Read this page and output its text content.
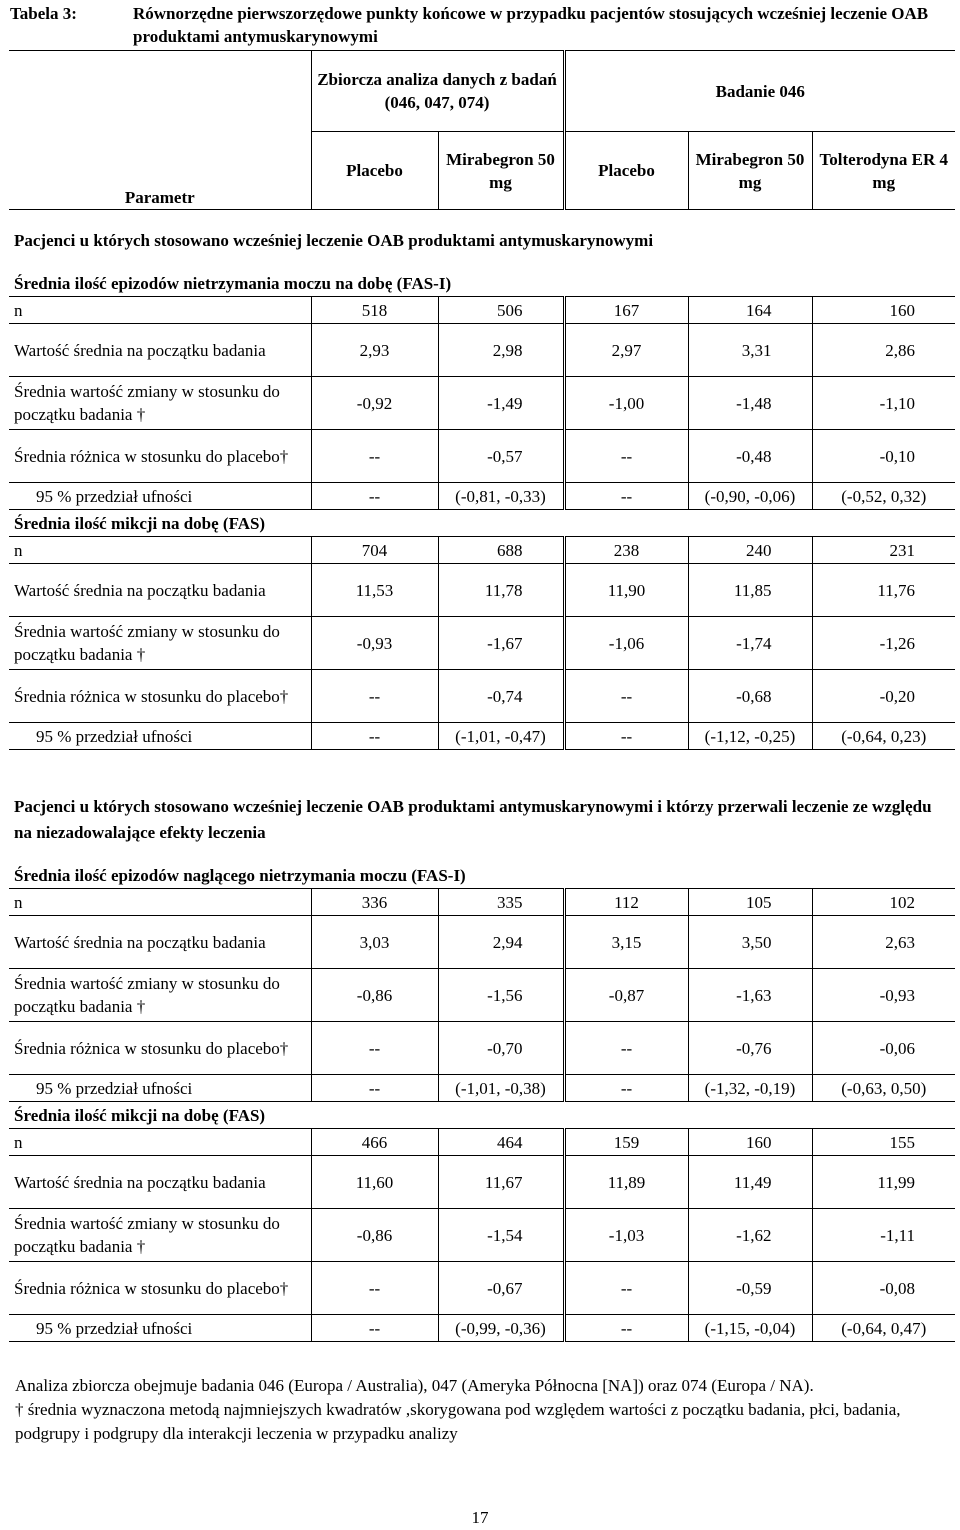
Tabela 3:	Równorzędne pierwszorzędowe punkty końcowe w przypadku pacjentów stosujących wcześniej leczenie OAB produktami antymuskarynowymi
Parametr	Zbiorcza analiza danych z badań (046, 047, 074)		Badanie 046		
	Placebo	Mirabegron 50 mg	Placebo	Mirabegron 50 mg	Tolterodyna ER 4 mg
Pacjenci u których stosowano wcześniej leczenie OAB produktami antymuskarynowymi					
Średnia ilość epizodów nietrzymania moczu na dobę (FAS-I)					
n	518	506	167	164	160
Wartość średnia na początku badania	2,93	2,98	2,97	3,31	2,86
Średnia wartość zmiany w stosunku do początku badania †	-0,92	-1,49	-1,00	-1,48	-1,10
Średnia różnica w stosunku do placebo†	--	-0,57	--	-0,48	-0,10
95 % przedział ufności	--	(-0,81, -0,33)	--	(-0,90, -0,06)	(-0,52, 0,32)
Średnia ilość mikcji na dobę (FAS)					
n	704	688	238	240	231
Wartość średnia na początku badania	11,53	11,78	11,90	11,85	11,76
Średnia wartość zmiany w stosunku do początku badania †	-0,93	-1,67	-1,06	-1,74	-1,26
Średnia różnica w stosunku do placebo†	--	-0,74	--	-0,68	-0,20
95 % przedział ufności	--	(-1,01, -0,47)	--	(-1,12, -0,25)	(-0,64, 0,23)
Pacjenci u których stosowano wcześniej leczenie OAB produktami antymuskarynowymi i którzy przerwali leczenie ze względu na niezadowalające efekty leczenia					
Średnia ilość epizodów naglącego nietrzymania moczu (FAS-I)					
n	336	335	112	105	102
Wartość średnia na początku badania	3,03	2,94	3,15	3,50	2,63
Średnia wartość zmiany w stosunku do początku badania †	-0,86	-1,56	-0,87	-1,63	-0,93
Średnia różnica w stosunku do placebo†	--	-0,70	--	-0,76	-0,06
95 % przedział ufności	--	(-1,01, -0,38)	--	(-1,32, -0,19)	(-0,63, 0,50)
Średnia ilość mikcji na dobę (FAS)					
n	466	464	159	160	155
Wartość średnia na początku badania	11,60	11,67	11,89	11,49	11,99
Średnia wartość zmiany w stosunku do początku badania †	-0,86	-1,54	-1,03	-1,62	-1,11
Średnia różnica w stosunku do placebo†	--	-0,67	--	-0,59	-0,08
95 % przedział ufności	--	(-0,99, -0,36)	--	(-1,15, -0,04)	(-0,64, 0,47)

Analiza zbiorcza obejmuje badania 046 (Europa / Australia), 047 (Ameryka Północna [NA]) oraz 074 (Europa / NA).

† średnia wyznaczona metodą najmniejszych kwadratów ,skorygowana pod względem wartości z początku badania, płci, badania, podgrupy i podgrupy dla interakcji leczenia w przypadku analizy

17
